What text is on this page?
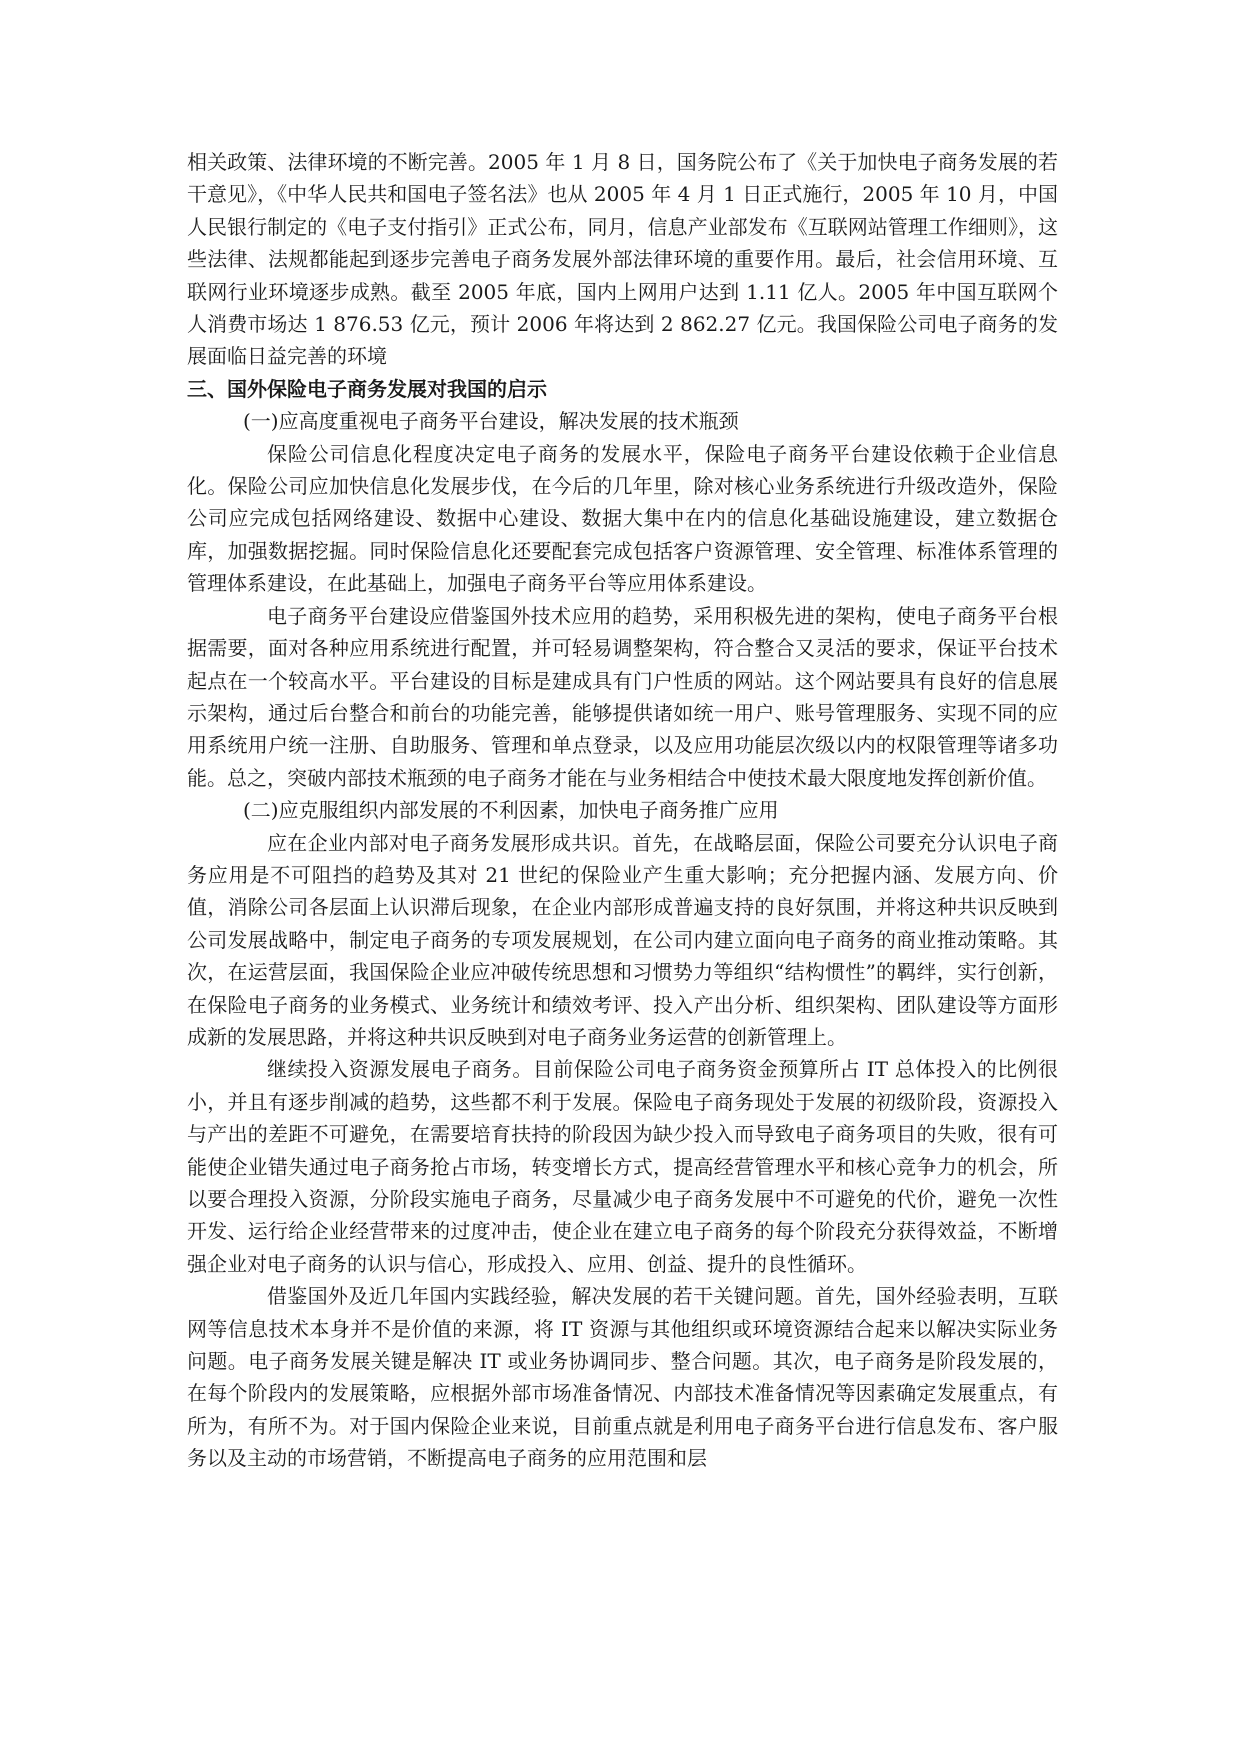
相关政策、法律环境的不断完善。2005 年 1 月 8 日，国务院公布了《关于加快电子商务发展的若干意见》，《中华人民共和国电子签名法》也从 2005 年 4 月 1 日正式施行，2005 年 10 月，中国人民银行制定的《电子支付指引》正式公布，同月，信息产业部发布《互联网站管理工作细则》，这些法律、法规都能起到逐步完善电子商务发展外部法律环境的重要作用。最后，社会信用环境、互联网行业环境逐步成熟。截至 2005 年底，国内上网用户达到 1.11 亿人。2005 年中国互联网个人消费市场达 1 876.53 亿元，预计 2006 年将达到 2 862.27 亿元。我国保险公司电子商务的发展面临日益完善的环境

三、国外保险电子商务发展对我国的启示

(一)应高度重视电子商务平台建设，解决发展的技术瓶颈

保险公司信息化程度决定电子商务的发展水平，保险电子商务平台建设依赖于企业信息化。保险公司应加快信息化发展步伐，在今后的几年里，除对核心业务系统进行升级改造外，保险公司应完成包括网络建设、数据中心建设、数据大集中在内的信息化基础设施建设，建立数据仓库，加强数据挖掘。同时保险信息化还要配套完成包括客户资源管理、安全管理、标准体系管理的管理体系建设，在此基础上，加强电子商务平台等应用体系建设。

电子商务平台建设应借鉴国外技术应用的趋势，采用积极先进的架构，使电子商务平台根据需要，面对各种应用系统进行配置，并可轻易调整架构，符合整合又灵活的要求，保证平台技术起点在一个较高水平。平台建设的目标是建成具有门户性质的网站。这个网站要具有良好的信息展示架构，通过后台整合和前台的功能完善，能够提供诸如统一用户、账号管理服务、实现不同的应用系统用户统一注册、自助服务、管理和单点登录，以及应用功能层次级以内的权限管理等诸多功能。总之，突破内部技术瓶颈的电子商务才能在与业务相结合中使技术最大限度地发挥创新价值。

(二)应克服组织内部发展的不利因素，加快电子商务推广应用

应在企业内部对电子商务发展形成共识。首先，在战略层面，保险公司要充分认识电子商务应用是不可阻挡的趋势及其对 21 世纪的保险业产生重大影响；充分把握内涵、发展方向、价值，消除公司各层面上认识滞后现象，在企业内部形成普遍支持的良好氛围，并将这种共识反映到公司发展战略中，制定电子商务的专项发展规划，在公司内建立面向电子商务的商业推动策略。其次，在运营层面，我国保险企业应冲破传统思想和习惯势力等组织“结构惯性”的羁绊，实行创新，在保险电子商务的业务模式、业务统计和绩效考评、投入产出分析、组织架构、团队建设等方面形成新的发展思路，并将这种共识反映到对电子商务业务运营的创新管理上。

继续投入资源发展电子商务。目前保险公司电子商务资金预算所占 IT 总体投入的比例很小，并且有逐步削减的趋势，这些都不利于发展。保险电子商务现处于发展的初级阶段，资源投入与产出的差距不可避免，在需要培育扶持的阶段因为缺少投入而导致电子商务项目的失败，很有可能使企业错失通过电子商务抢占市场，转变增长方式，提高经营管理水平和核心竞争力的机会，所以要合理投入资源，分阶段实施电子商务，尽量减少电子商务发展中不可避免的代价，避免一次性开发、运行给企业经营带来的过度冲击，使企业在建立电子商务的每个阶段充分获得效益，不断增强企业对电子商务的认识与信心，形成投入、应用、创益、提升的良性循环。

借鉴国外及近几年国内实践经验，解决发展的若干关键问题。首先，国外经验表明，互联网等信息技术本身并不是价值的来源，将 IT 资源与其他组织或环境资源结合起来以解决实际业务问题。电子商务发展关键是解决 IT 或业务协调同步、整合问题。其次，电子商务是阶段发展的，在每个阶段内的发展策略，应根据外部市场准备情况、内部技术准备情况等因素确定发展重点，有所为，有所不为。对于国内保险企业来说，目前重点就是利用电子商务平台进行信息发布、客户服务以及主动的市场营销，不断提高电子商务的应用范围和层
